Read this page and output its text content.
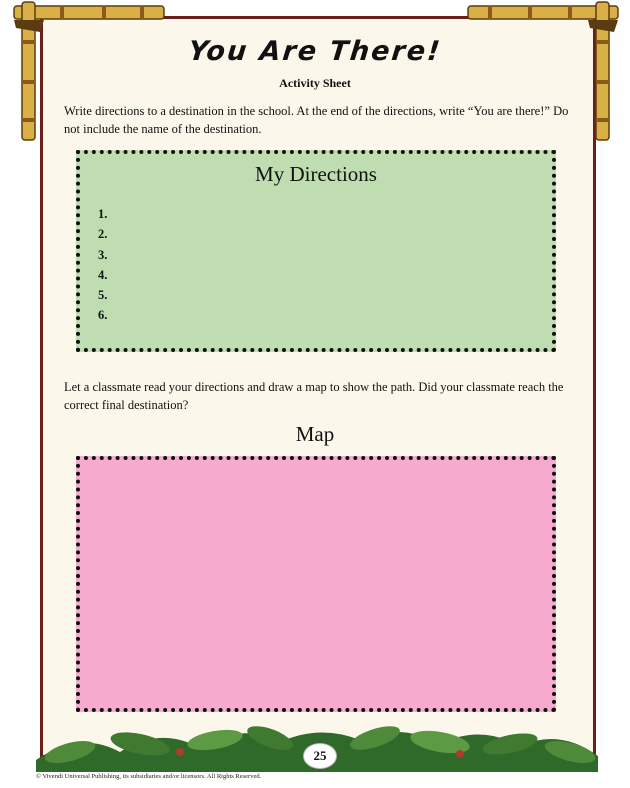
You Are There!
Activity Sheet
Write directions to a destination in the school. At the end of the directions, write “You are there!” Do not include the name of the destination.
My Directions
1.
2.
3.
4.
5.
6.
Let a classmate read your directions and draw a map to show the path. Did your classmate reach the correct final destination?
Map
25
© Vivendi Universal Publishing, its subsidiaries and/or licensors. All Rights Reserved.
